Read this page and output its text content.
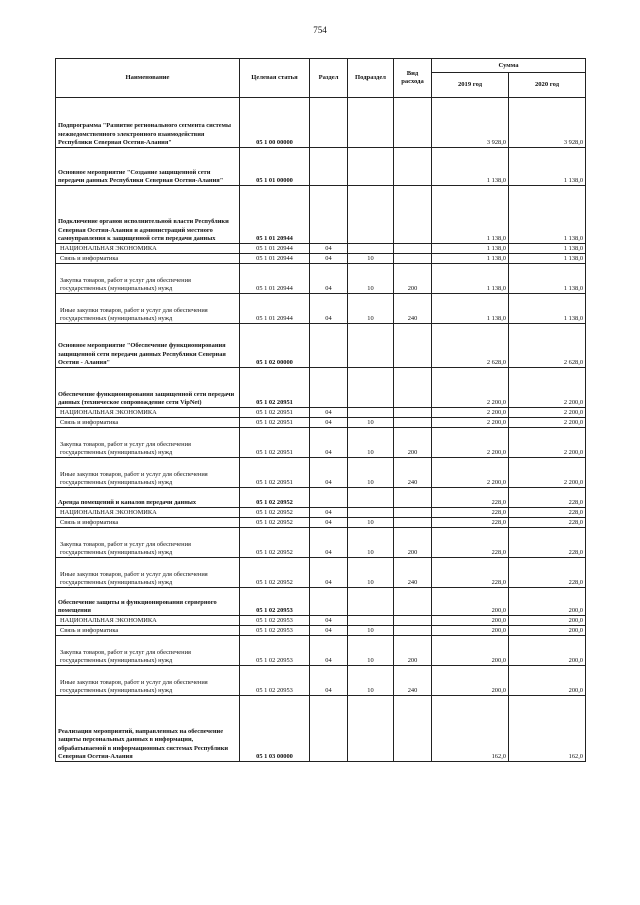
754
Наименование	Целевая статья	Раздел	Подраздел	Вид расхода	Сумма	
					2019 год	2020 год
Подпрограмма "Развитие регионального сегмента системы межведомственного электронного взаимодействия Республики Северная Осетия-Алания"	05 1 00 00000				3 928,0	3 928,0
Основное мероприятие "Создание защищенной сети передачи данных Республики Северная Осетия-Алания"	05 1 01 00000				1 138,0	1 138,0
Подключение органов исполнительной власти Республики Северная Осетия-Алания и администраций местного самоуправления к защищенной сети передачи данных	05 1 01 20944				1 138,0	1 138,0
НАЦИОНАЛЬНАЯ ЭКОНОМИКА	05 1 01 20944	04			1 138,0	1 138,0
Связь и информатика	05 1 01 20944	04	10		1 138,0	1 138,0
Закупка товаров, работ и услуг для обеспечения государственных (муниципальных) нужд	05 1 01 20944	04	10	200	1 138,0	1 138,0
Иные закупки товаров, работ и услуг для обеспечения государственных (муниципальных) нужд	05 1 01 20944	04	10	240	1 138,0	1 138,0
Основное мероприятие "Обеспечение функционирования защищенной сети передачи данных Республики Северная Осетия - Алания"	05 1 02 00000				2 628,0	2 628,0
Обеспечение функционирования защищенной сети передачи данных (техническое сопровождение сети VipNet)	05 1 02 20951				2 200,0	2 200,0
НАЦИОНАЛЬНАЯ ЭКОНОМИКА	05 1 02 20951	04			2 200,0	2 200,0
Связь и информатика	05 1 02 20951	04	10		2 200,0	2 200,0
Закупка товаров, работ и услуг для обеспечения государственных (муниципальных) нужд	05 1 02 20951	04	10	200	2 200,0	2 200,0
Иные закупки товаров, работ и услуг для обеспечения государственных (муниципальных) нужд	05 1 02 20951	04	10	240	2 200,0	2 200,0
Аренда помещений и каналов передачи данных	05 1 02 20952				228,0	228,0
НАЦИОНАЛЬНАЯ ЭКОНОМИКА	05 1 02 20952	04			228,0	228,0
Связь и информатика	05 1 02 20952	04	10		228,0	228,0
Закупка товаров, работ и услуг для обеспечения государственных (муниципальных) нужд	05 1 02 20952	04	10	200	228,0	228,0
Иные закупки товаров, работ и услуг для обеспечения государственных (муниципальных) нужд	05 1 02 20952	04	10	240	228,0	228,0
Обеспечение защиты и функционирования серверного помещения	05 1 02 20953				200,0	200,0
НАЦИОНАЛЬНАЯ ЭКОНОМИКА	05 1 02 20953	04			200,0	200,0
Связь и информатика	05 1 02 20953	04	10		200,0	200,0
Закупка товаров, работ и услуг для обеспечения государственных (муниципальных) нужд	05 1 02 20953	04	10	200	200,0	200,0
Иные закупки товаров, работ и услуг для обеспечения государственных (муниципальных) нужд	05 1 02 20953	04	10	240	200,0	200,0
Реализация мероприятий, направленных на обеспечение защиты персональных данных в информации, обрабатываемой в информационных системах Республики Северная Осетия-Алания	05 1 03 00000				162,0	162,0
